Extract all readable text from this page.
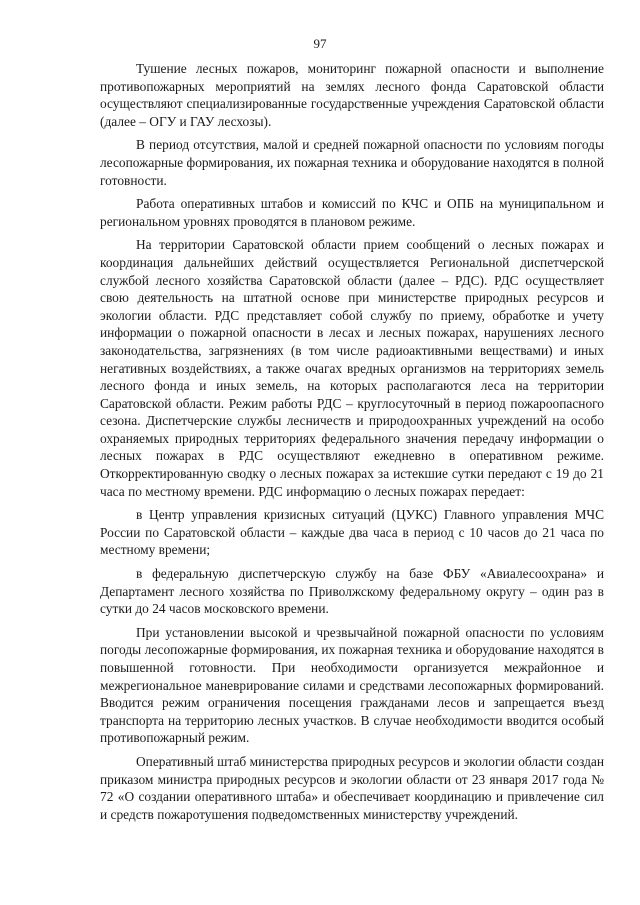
97

Тушение лесных пожаров, мониторинг пожарной опасности и выполнение противопожарных мероприятий на землях лесного фонда Саратовской области осуществляют специализированные государственные учреждения Саратовской области (далее – ОГУ и ГАУ лесхозы).

В период отсутствия, малой и средней пожарной опасности по условиям погоды лесопожарные формирования, их пожарная техника и оборудование находятся в полной готовности.

Работа оперативных штабов и комиссий по КЧС и ОПБ на муниципальном и региональном уровнях проводятся в плановом режиме.

На территории Саратовской области прием сообщений о лесных пожарах и координация дальнейших действий осуществляется Региональной диспетчерской службой лесного хозяйства Саратовской области (далее – РДС). РДС осуществляет свою деятельность на штатной основе при министерстве природных ресурсов и экологии области. РДС представляет собой службу по приему, обработке и учету информации о пожарной опасности в лесах и лесных пожарах, нарушениях лесного законодательства, загрязнениях (в том числе радиоактивными веществами) и иных негативных воздействиях, а также очагах вредных организмов на территориях земель лесного фонда и иных земель, на которых располагаются леса на территории Саратовской области. Режим работы РДС – круглосуточный в период пожароопасного сезона. Диспетчерские службы лесничеств и природоохранных учреждений на особо охраняемых природных территориях федерального значения передачу информации о лесных пожарах в РДС осуществляют ежедневно в оперативном режиме. Откорректированную сводку о лесных пожарах за истекшие сутки передают с 19 до 21 часа по местному времени. РДС информацию о лесных пожарах передает:

в Центр управления кризисных ситуаций (ЦУКС) Главного управления МЧС России по Саратовской области – каждые два часа в период с 10 часов до 21 часа по местному времени;

в федеральную диспетчерскую службу на базе ФБУ «Авиалесоохрана» и Департамент лесного хозяйства по Приволжскому федеральному округу – один раз в сутки до 24 часов московского времени.

При установлении высокой и чрезвычайной пожарной опасности по условиям погоды лесопожарные формирования, их пожарная техника и оборудование находятся в повышенной готовности. При необходимости организуется межрайонное и межрегиональное маневрирование силами и средствами лесопожарных формирований. Вводится режим ограничения посещения гражданами лесов и запрещается въезд транспорта на территорию лесных участков. В случае необходимости вводится особый противопожарный режим.

Оперативный штаб министерства природных ресурсов и экологии области создан приказом министра природных ресурсов и экологии области от 23 января 2017 года № 72 «О создании оперативного штаба» и обеспечивает координацию и привлечение сил и средств пожаротушения подведомственных министерству учреждений.
